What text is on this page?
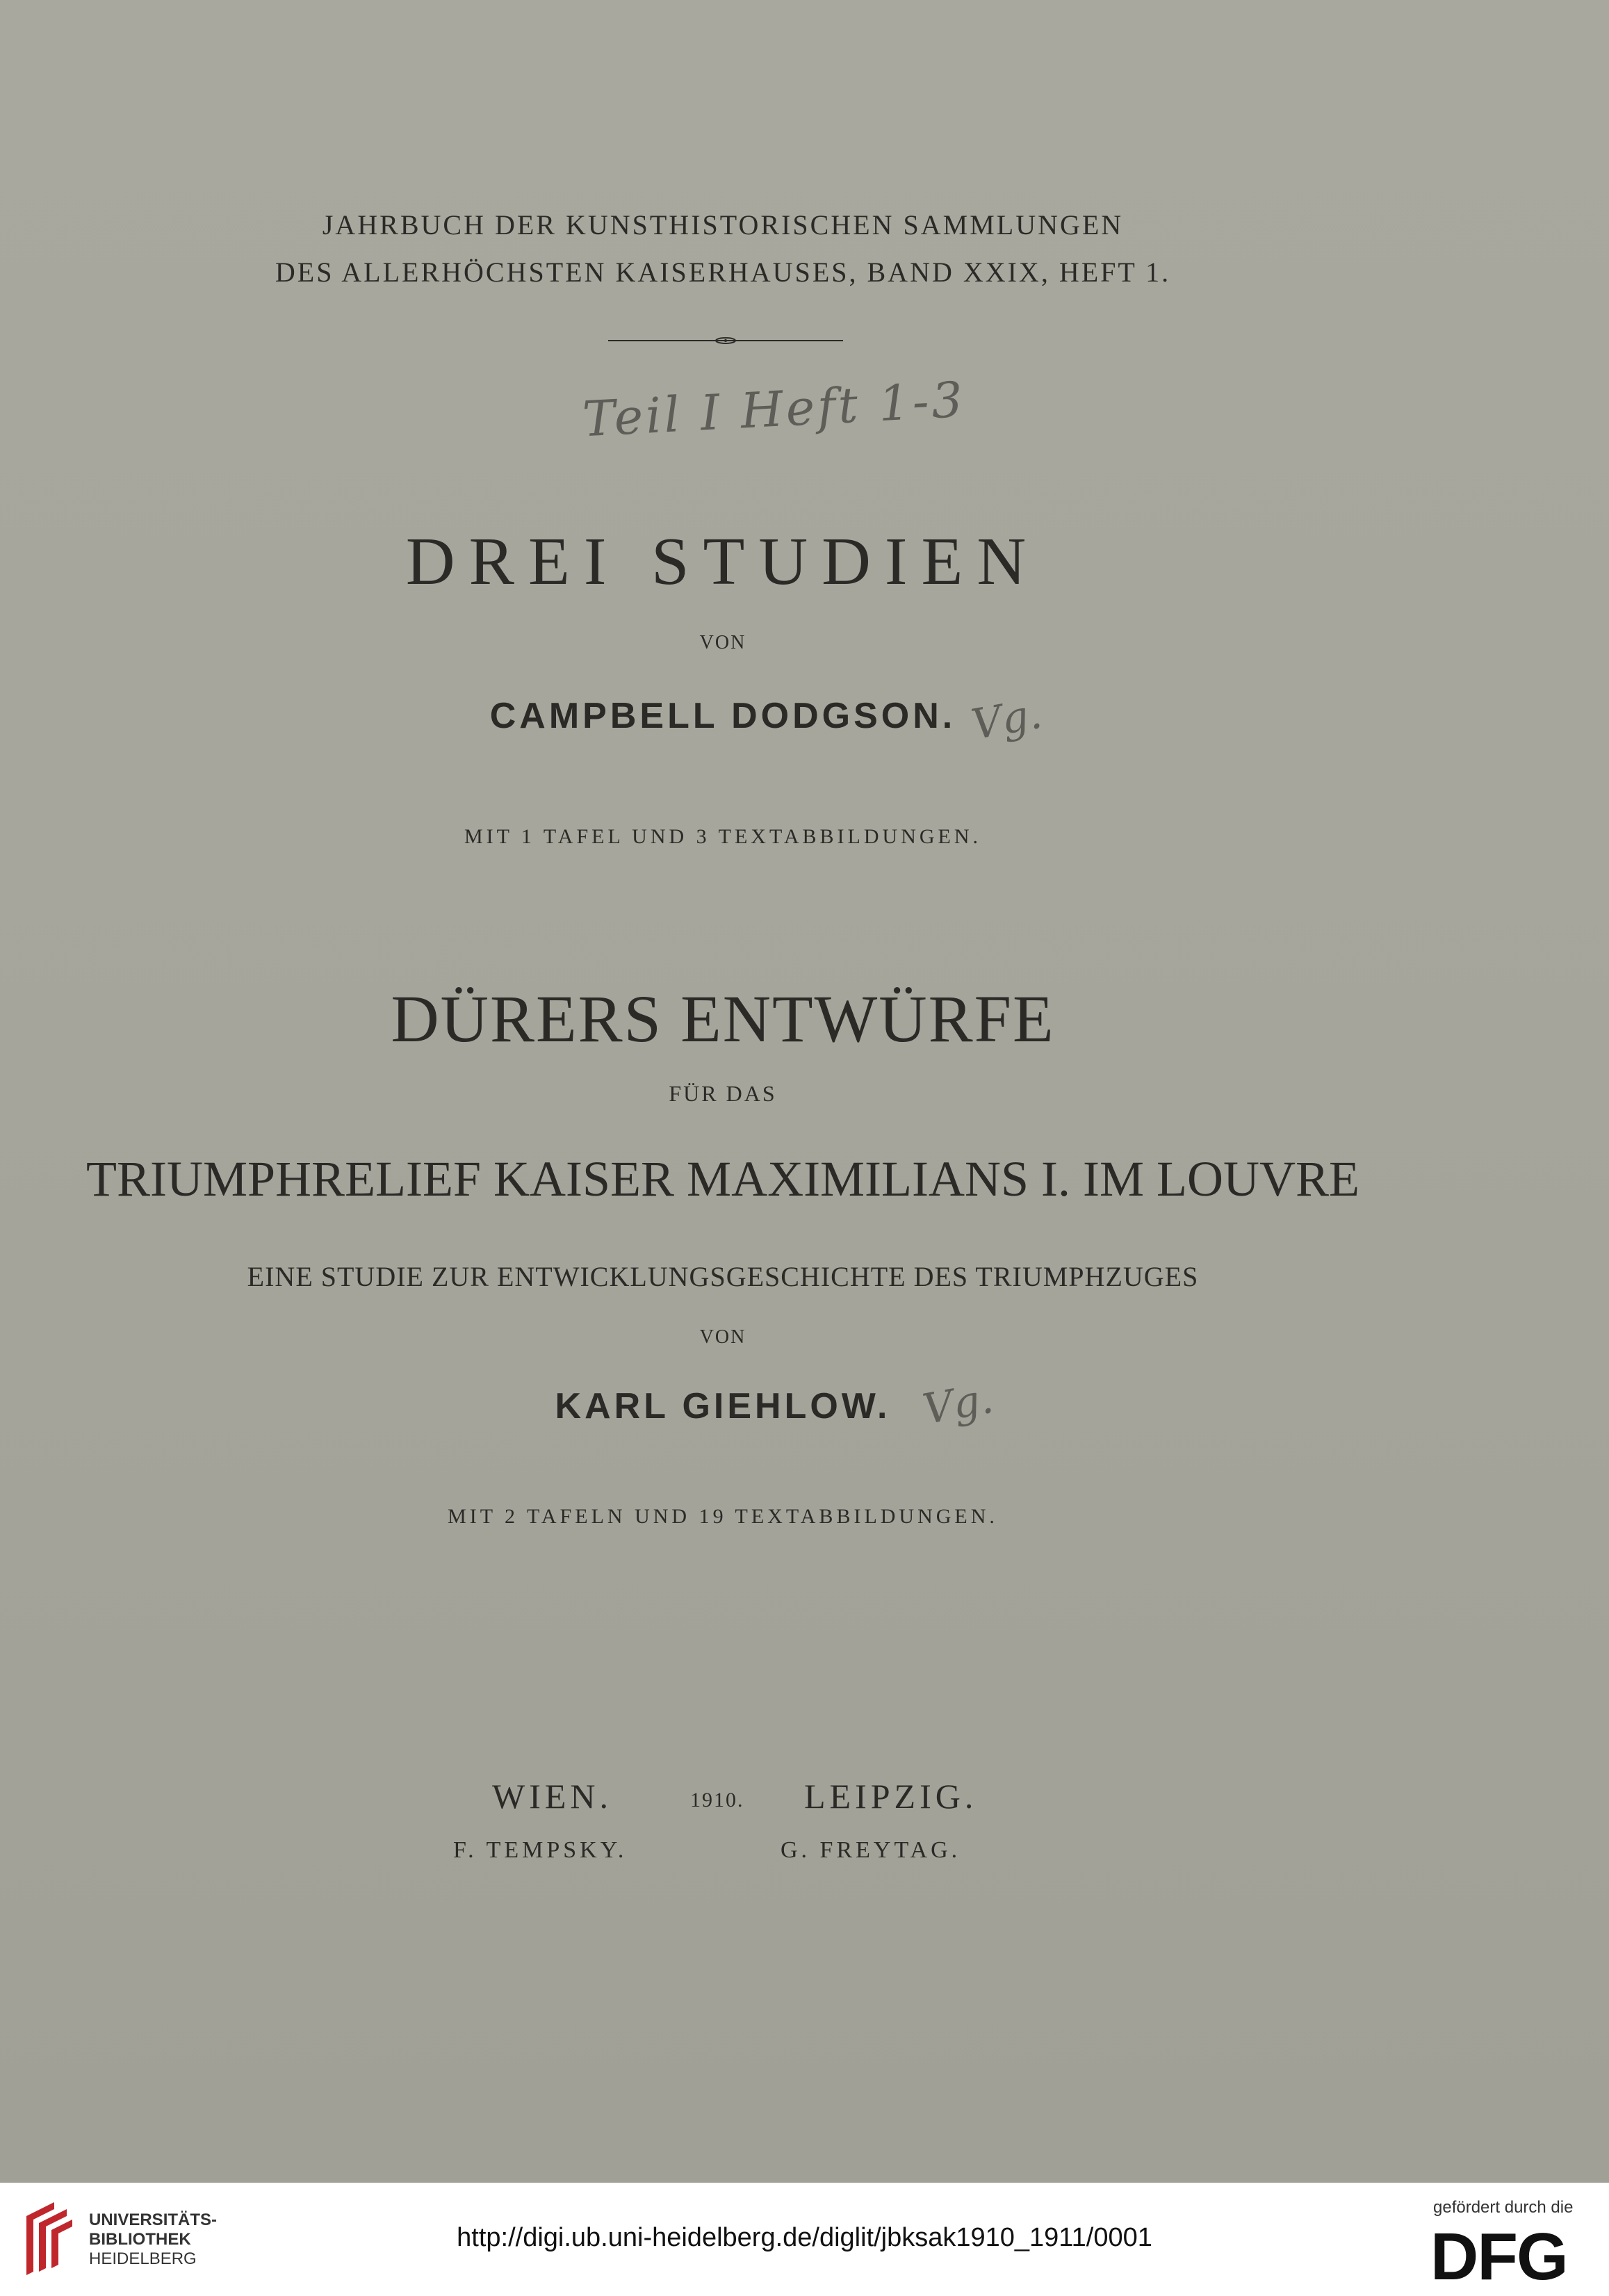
JAHRBUCH DER KUNSTHISTORISCHEN SAMMLUNGEN
DES ALLERHÖCHSTEN KAISERHAUSES, BAND XXIX, HEFT 1.
Teil I Heft 1-3
DREI STUDIEN
VON
CAMPBELL DODGSON. Vg.
MIT 1 TAFEL UND 3 TEXTABBILDUNGEN.
DÜRERS ENTWÜRFE
FÜR DAS
TRIUMPHRELIEF KAISER MAXIMILIANS I. IM LOUVRE
EINE STUDIE ZUR ENTWICKLUNGSGESCHICHTE DES TRIUMPHZUGES
VON
KARL GIEHLOW. Vg.
MIT 2 TAFELN UND 19 TEXTABBILDUNGEN.
WIEN.	1910. LEIPZIG.
F. TEMPSKY.	G. FREYTAG.
UNIVERSITÄTS-
BIBLIOTHEK
HEIDELBERG
http://digi.ub.uni-heidelberg.de/diglit/jbksak1910_1911/0001
gefördert durch die
DFG
